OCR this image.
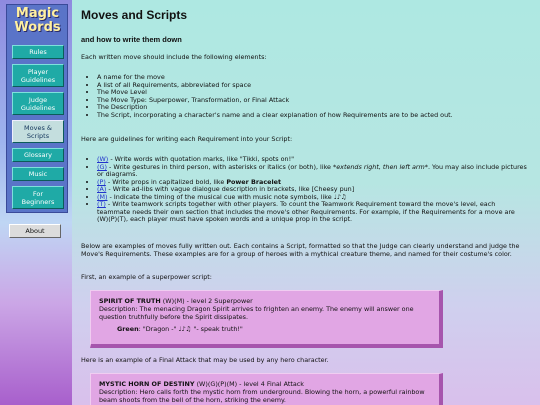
Magic
Words
Rules
Player
Guidelines
Judge
Guidelines
Moves &
Scripts
Glossary
Music
For
Beginners
About
Moves and Scripts
and how to write them down
Each written move should include the following elements:
• A name for the move
• A list of all Requirements, abbreviated for space
• The Move Level
• The Move Type: Superpower, Transformation, or Final Attack
• The Description
• The Script, incorporating a character's name and a clear explanation of how Requirements are to be acted out.
Here are guidelines for writing each Requirement into your Script:
• (W) - Write words with quotation marks, like "Tikki, spots on!"
• (G) - Write gestures in third person, with asterisks or italics (or both), like *extends right, then left arm*. You may also include pictures or diagrams.
• (P) - Write props in capitalized bold, like Power Bracelet
• (A) - Write ad-libs with vague dialogue description in brackets, like [Cheesy pun]
• (M) - Indicate the timing of the musical cue with music note symbols, like ♩♪♫
• (T) - Write teamwork scripts together with other players. To count the Teamwork Requirement toward the move's level, each teammate needs their own section that includes the move's other Requirements. For example, if the Requirements for a move are (W)(P)(T), each player must have spoken words and a unique prop in the script.
Below are examples of moves fully written out. Each contains a Script, formatted so that the Judge can clearly understand and judge the Move's Requirements. These examples are for a group of heroes with a mythical creature theme, and named for their costume's color.
First, an example of a superpower script:
SPIRIT OF TRUTH (W)(M) - level 2 Superpower
Description: The menacing Dragon Spirit arrives to frighten an enemy. The enemy will answer one question truthfully before the Spirit dissipates.
Green: "Dragon -" ♩♪♫ "- speak truth!"
Here is an example of a Final Attack that may be used by any hero character.
MYSTIC HORN OF DESTINY (W)(G)(P)(M) - level 4 Final Attack
Description: Hero calls forth the mystic horn from underground. Blowing the horn, a powerful rainbow beam shoots from the bell of the horn, striking the enemy.
